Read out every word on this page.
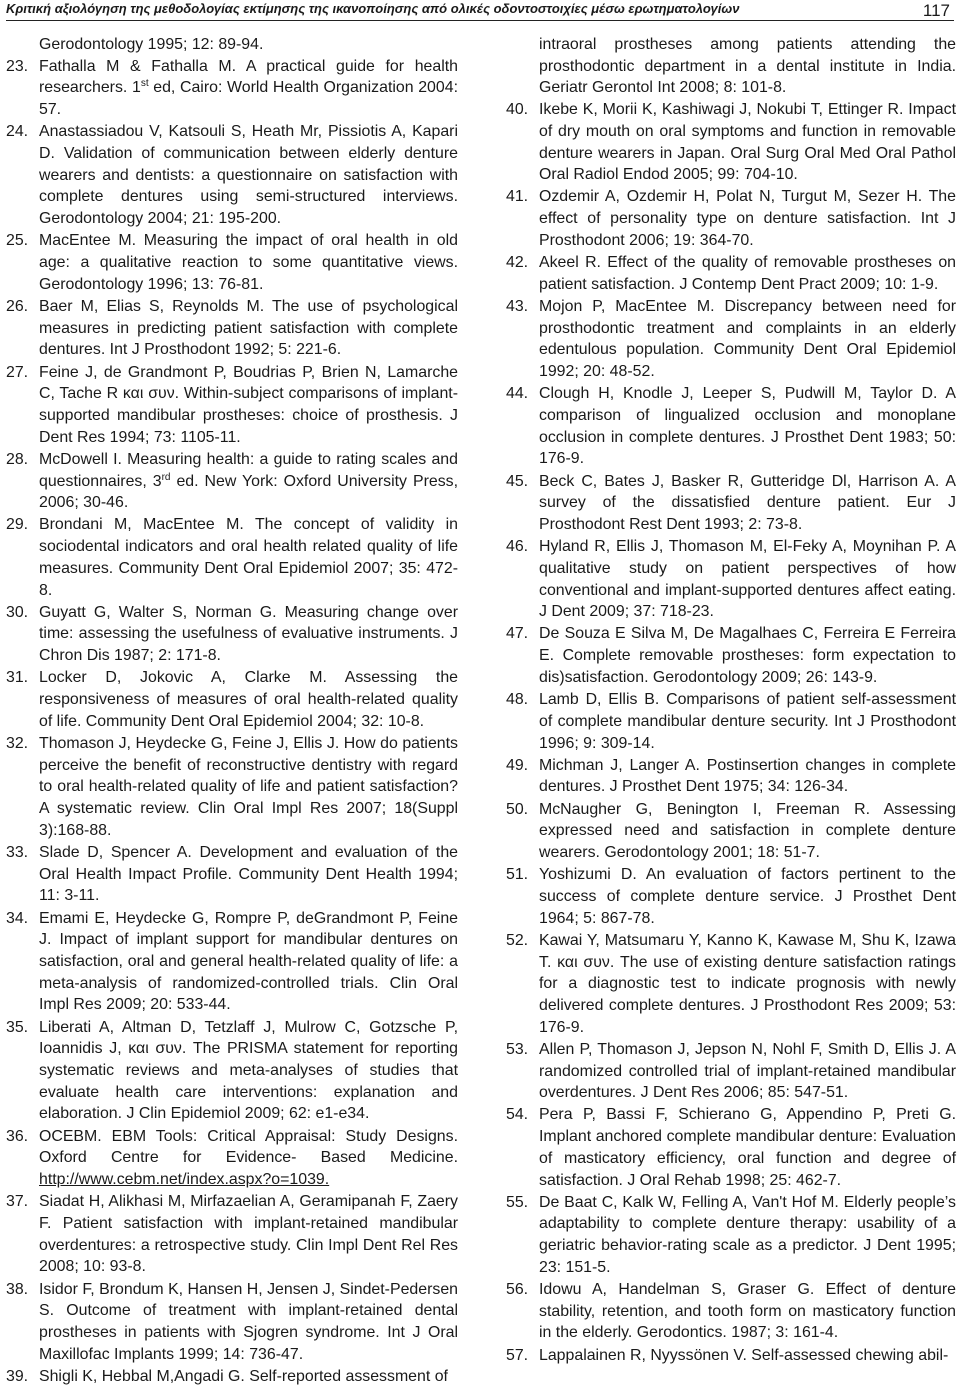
Κριτική αξιολόγηση της μεθοδολογίας εκτίμησης της ικανοποίησης από ολικές οδοντοστοιχίες μέσω ερωτηματολογίων	117
Gerodontology 1995; 12: 89-94.
23. Fathalla M & Fathalla M. A practical guide for health researchers. 1st ed, Cairo: World Health Organization 2004: 57.
24. Anastassiadou V, Katsouli S, Heath Mr, Pissiotis A, Kapari D. Validation of communication between elderly denture wearers and dentists: a questionnaire on satisfaction with complete dentures using semi-structured interviews. Gerodontology 2004; 21: 195-200.
25. MacEntee M. Measuring the impact of oral health in old age: a qualitative reaction to some quantitative views. Gerodontology 1996; 13: 76-81.
26. Baer M, Elias S, Reynolds M. The use of psychological measures in predicting patient satisfaction with complete dentures. Int J Prosthodont 1992; 5: 221-6.
27. Feine J, de Grandmont P, Boudrias P, Brien N, Lamarche C, Tache R και συν. Within-subject comparisons of implant-supported mandibular prostheses: choice of prosthesis. J Dent Res 1994; 73: 1105-11.
28. McDowell I. Measuring health: a guide to rating scales and questionnaires, 3rd ed. New York: Oxford University Press, 2006; 30-46.
29. Brondani M, MacEntee M. The concept of validity in sociodental indicators and oral health related quality of life measures. Community Dent Oral Epidemiol 2007; 35: 472-8.
30. Guyatt G, Walter S, Norman G. Measuring change over time: assessing the usefulness of evaluative instruments. J Chron Dis 1987; 2: 171-8.
31. Locker D, Jokovic A, Clarke M. Assessing the responsiveness of measures of oral health-related quality of life. Community Dent Oral Epidemiol 2004; 32: 10-8.
32. Thomason J, Heydecke G, Feine J, Ellis J. How do patients perceive the benefit of reconstructive dentistry with regard to oral health-related quality of life and patient satisfaction? A systematic review. Clin Oral Impl Res 2007; 18(Suppl 3):168-88.
33. Slade D, Spencer A. Development and evaluation of the Oral Health Impact Profile. Community Dent Health 1994; 11: 3-11.
34. Emami E, Heydecke G, Rompre P, deGrandmont P, Feine J. Impact of implant support for mandibular dentures on satisfaction, oral and general health-related quality of life: a meta-analysis of randomized-controlled trials. Clin Oral Impl Res 2009; 20: 533-44.
35. Liberati A, Altman D, Tetzlaff J, Mulrow C, Gotzsche P, Ioannidis J, και συν. The PRISMA statement for reporting systematic reviews and meta-analyses of studies that evaluate health care interventions: explanation and elaboration. J Clin Epidemiol 2009; 62: e1-e34.
36. OCEBM. EBM Tools: Critical Appraisal: Study Designs. Oxford Centre for Evidence- Based Medicine. http://www.cebm.net/index.aspx?o=1039.
37. Siadat H, Alikhasi M, Mirfazaelian A, Geramipanah F, Zaery F. Patient satisfaction with implant-retained mandibular overdentures: a retrospective study. Clin Impl Dent Rel Res 2008; 10: 93-8.
38. Isidor F, Brondum K, Hansen H, Jensen J, Sindet-Pedersen S. Outcome of treatment with implant-retained dental prostheses in patients with Sjogren syndrome. Int J Oral Maxillofac Implants 1999; 14: 736-47.
39. Shigli K, Hebbal M,Angadi G. Self-reported assessment of
intraoral prostheses among patients attending the prosthodontic department in a dental institute in India. Geriatr Gerontol Int 2008; 8: 101-8.
40. Ikebe K, Morii K, Kashiwagi J, Nokubi T, Ettinger R. Impact of dry mouth on oral symptoms and function in removable denture wearers in Japan. Oral Surg Oral Med Oral Pathol Oral Radiol Endod 2005; 99: 704-10.
41. Ozdemir A, Ozdemir H, Polat N, Turgut M, Sezer H. The effect of personality type on denture satisfaction. Int J Prosthodont 2006; 19: 364-70.
42. Akeel R. Effect of the quality of removable prostheses on patient satisfaction. J Contemp Dent Pract 2009; 10: 1-9.
43. Mojon P, MacEntee M. Discrepancy between need for prosthodontic treatment and complaints in an elderly edentulous population. Community Dent Oral Epidemiol 1992; 20: 48-52.
44. Clough H, Knodle J, Leeper S, Pudwill M, Taylor D. A comparison of lingualized occlusion and monoplane occlusion in complete dentures. J Prosthet Dent 1983; 50: 176-9.
45. Beck C, Bates J, Basker R, Gutteridge Dl, Harrison A. A survey of the dissatisfied denture patient. Eur J Prosthodont Rest Dent 1993; 2: 73-8.
46. Hyland R, Ellis J, Thomason M, El-Feky A, Moynihan P. A qualitative study on patient perspectives of how conventional and implant-supported dentures affect eating. J Dent 2009; 37: 718-23.
47. De Souza E Silva M, De Magalhaes C, Ferreira E Ferreira E. Complete removable prostheses: form expectation to dis)satisfaction. Gerodontology 2009; 26: 143-9.
48. Lamb D, Ellis B. Comparisons of patient self-assessment of complete mandibular denture security. Int J Prosthodont 1996; 9: 309-14.
49. Michman J, Langer A. Postinsertion changes in complete dentures. J Prosthet Dent 1975; 34: 126-34.
50. McNaugher G, Benington I, Freeman R. Assessing expressed need and satisfaction in complete denture wearers. Gerodontology 2001; 18: 51-7.
51. Yoshizumi D. An evaluation of factors pertinent to the success of complete denture service. J Prosthet Dent 1964; 5: 867-78.
52. Kawai Y, Matsumaru Y, Kanno K, Kawase M, Shu K, Izawa T. και συν. The use of existing denture satisfaction ratings for a diagnostic test to indicate prognosis with newly delivered complete dentures. J Prosthodont Res 2009; 53: 176-9.
53. Allen P, Thomason J, Jepson N, Nohl F, Smith D, Ellis J. A randomized controlled trial of implant-retained mandibular overdentures. J Dent Res 2006; 85: 547-51.
54. Pera P, Bassi F, Schierano G, Appendino P, Preti G. Implant anchored complete mandibular denture: Evaluation of masticatory efficiency, oral function and degree of satisfaction. J Oral Rehab 1998; 25: 462-7.
55. De Baat C, Kalk W, Felling A, Van't Hof M. Elderly people’s adaptability to complete denture therapy: usability of a geriatric behavior-rating scale as a predictor. J Dent 1995; 23: 151-5.
56. Idowu A, Handelman S, Graser G. Effect of denture stability, retention, and tooth form on masticatory function in the elderly. Gerodontics. 1987; 3: 161-4.
57. Lappalainen R, Nyyssönen V. Self-assessed chewing abil-
